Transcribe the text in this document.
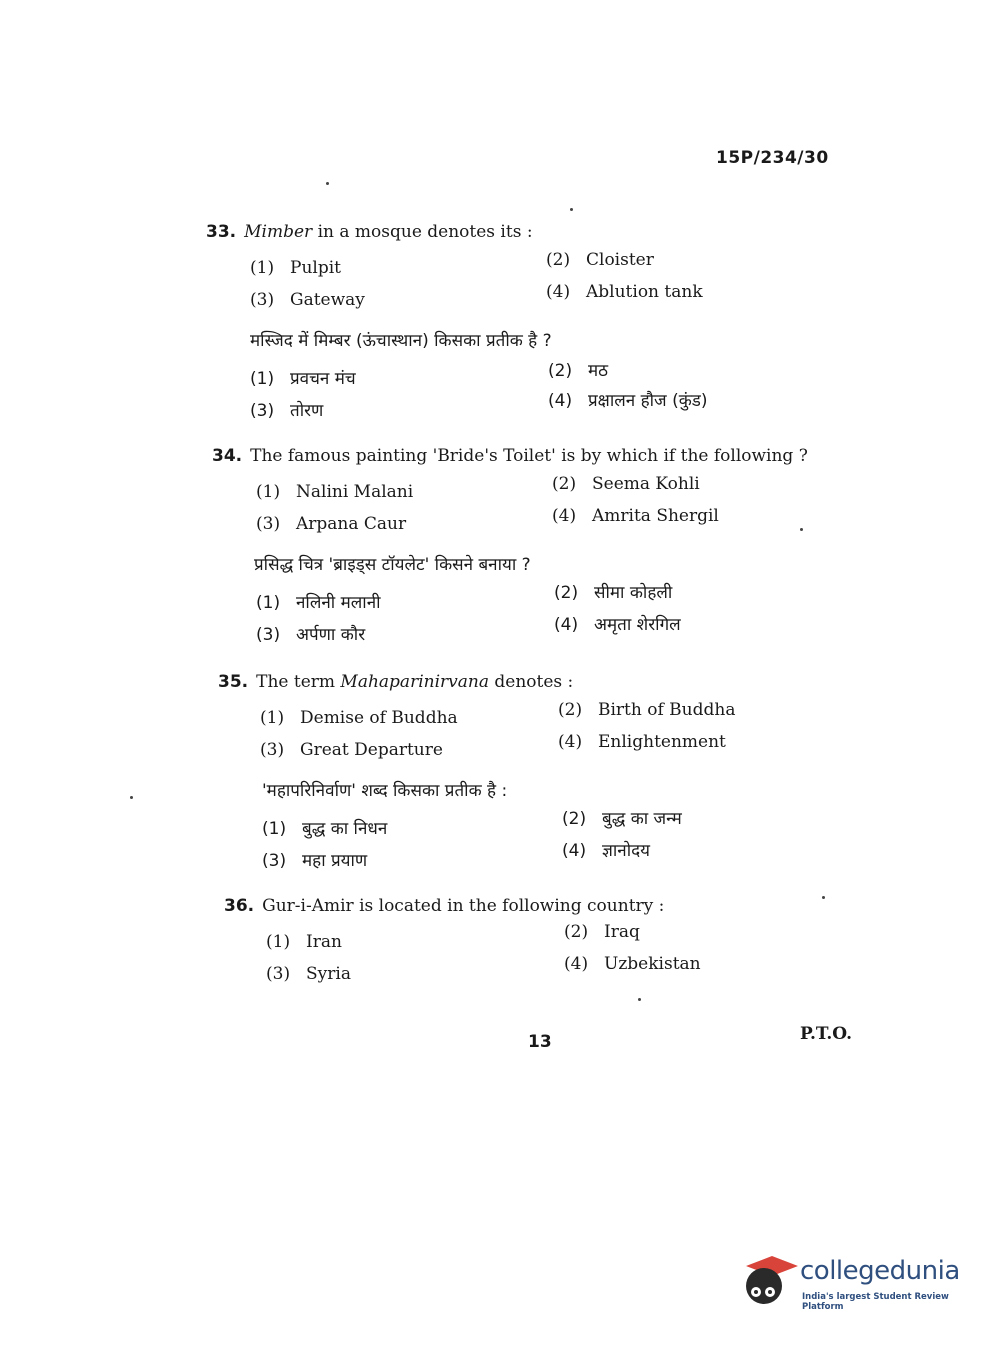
15P/234/30
33. Mimber in a mosque denotes its :
(1) Pulpit	(2) Cloister
(3) Gateway	(4) Ablution tank
मस्जिद में मिम्बर (ऊंचास्थान) किसका प्रतीक है ?
(1) प्रवचन मंच	(2) मठ
(3) तोरण	(4) प्रक्षालन हौज (कुंड)
34. The famous painting 'Bride's Toilet' is by which if the following ?
(1) Nalini Malani	(2) Seema Kohli
(3) Arpana Caur	(4) Amrita Shergil
प्रसिद्ध चित्र 'ब्राइड्स टॉयलेट' किसने बनाया ?
(1) नलिनी मलानी	(2) सीमा कोहली
(3) अर्पणा कौर	(4) अमृता शेरगिल
35. The term Mahaparinirvana denotes :
(1) Demise of Buddha	(2) Birth of Buddha
(3) Great Departure	(4) Enlightenment
'महापरिनिर्वाण' शब्द किसका प्रतीक है :
(1) बुद्ध का निधन	(2) बुद्ध का जन्म
(3) महा प्रयाण	(4) ज्ञानोदय
36. Gur-i-Amir is located in the following country :
(1) Iran	(2) Iraq
(3) Syria	(4) Uzbekistan
13	P.T.O.
collegedunia
India's largest Student Review Platform
